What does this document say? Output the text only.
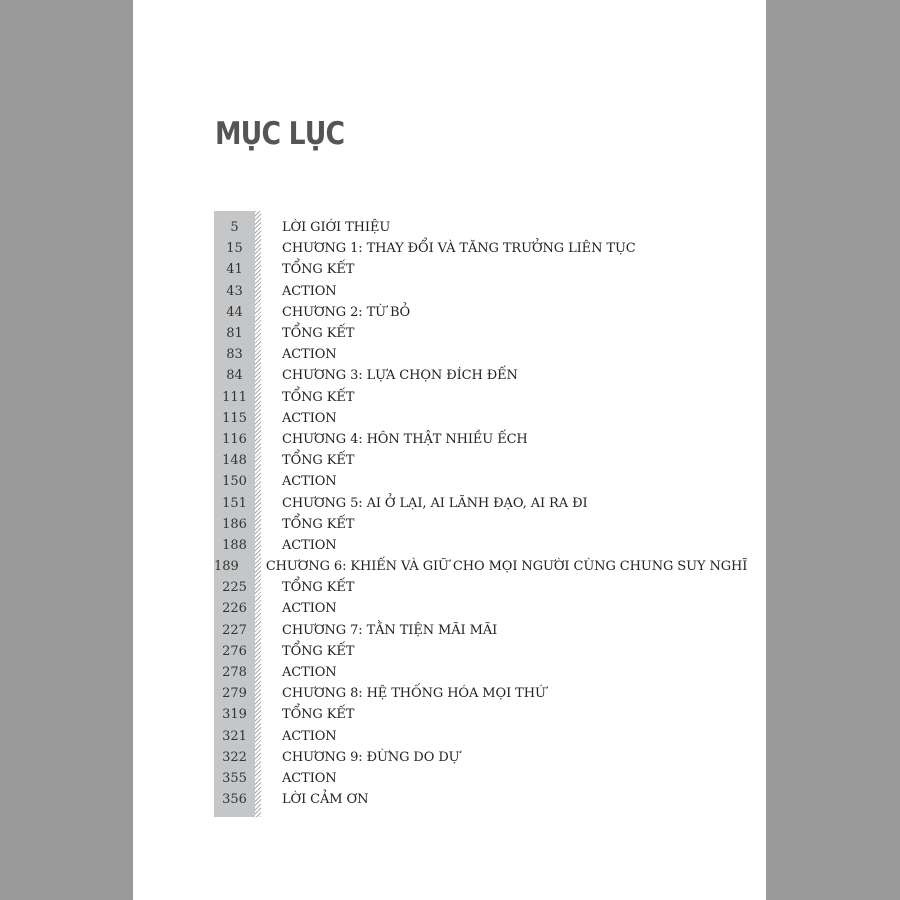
MỤC LỤC
5	LỜI GIỚI THIỆU
15	CHƯƠNG 1: THAY ĐỔI VÀ TĂNG TRƯỞNG LIÊN TỤC
41	TỔNG KẾT
43	ACTION
44	CHƯƠNG 2: TỪ BỎ
81	TỔNG KẾT
83	ACTION
84	CHƯƠNG 3: LỰA CHỌN ĐÍCH ĐẾN
111	TỔNG KẾT
115	ACTION
116	CHƯƠNG 4: HÔN THẬT NHIỀU ẾCH
148	TỔNG KẾT
150	ACTION
151	CHƯƠNG 5: AI Ở LẠI, AI LÃNH ĐẠO, AI RA ĐI
186	TỔNG KẾT
188	ACTION
189 CHƯƠNG 6: KHIẾN VÀ GIỮ CHO MỌI NGƯỜI CÙNG CHUNG SUY NGHĨ
225	TỔNG KẾT
226	ACTION
227	CHƯƠNG 7: TẰN TIỆN MÃI MÃI
276	TỔNG KẾT
278	ACTION
279	CHƯƠNG 8: HỆ THỐNG HÓA MỌI THỨ
319	TỔNG KẾT
321	ACTION
322	CHƯƠNG 9: ĐỪNG DO DỰ
355	ACTION
356	LỜI CẢM ƠN
